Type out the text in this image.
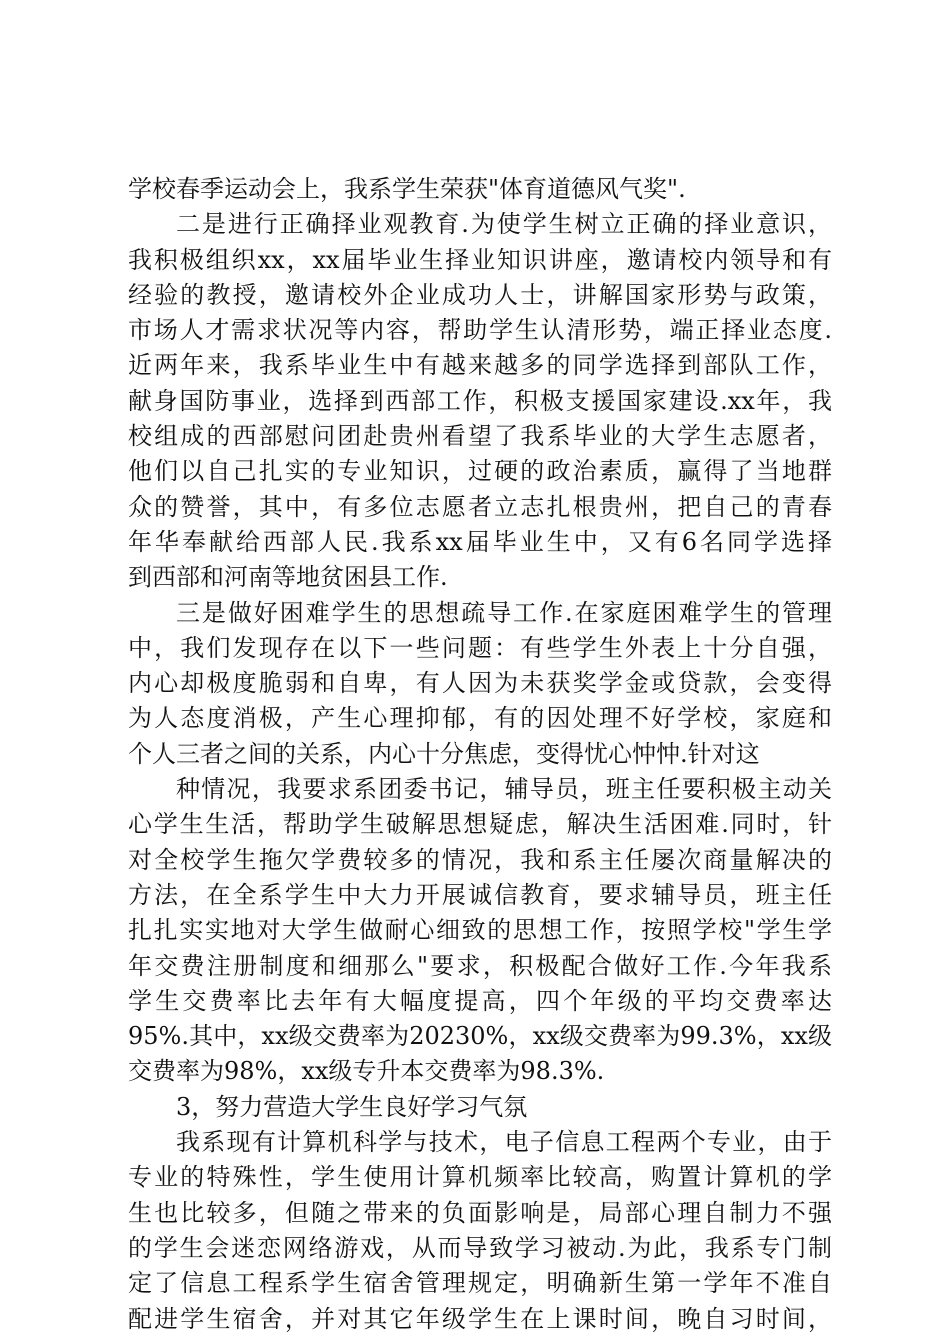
学校春季运动会上，我系学生荣获"体育道德风气奖".
二是进行正确择业观教育.为使学生树立正确的择业意识，
我积极组织xx，xx届毕业生择业知识讲座，邀请校内领导和有
经验的教授，邀请校外企业成功人士，讲解国家形势与政策，
市场人才需求状况等内容，帮助学生认清形势，端正择业态度.
近两年来，我系毕业生中有越来越多的同学选择到部队工作，
献身国防事业，选择到西部工作，积极支援国家建设.xx年，我
校组成的西部慰问团赴贵州看望了我系毕业的大学生志愿者，
他们以自己扎实的专业知识，过硬的政治素质，赢得了当地群
众的赞誉，其中，有多位志愿者立志扎根贵州，把自己的青春
年华奉献给西部人民.我系xx届毕业生中，又有6名同学选择
到西部和河南等地贫困县工作.
三是做好困难学生的思想疏导工作.在家庭困难学生的管理
中，我们发现存在以下一些问题：有些学生外表上十分自强，
内心却极度脆弱和自卑，有人因为未获奖学金或贷款，会变得
为人态度消极，产生心理抑郁，有的因处理不好学校，家庭和
个人三者之间的关系，内心十分焦虑，变得忧心忡忡.针对这
种情况，我要求系团委书记，辅导员，班主任要积极主动关
心学生生活，帮助学生破解思想疑虑，解决生活困难.同时，针
对全校学生拖欠学费较多的情况，我和系主任屡次商量解决的
方法，在全系学生中大力开展诚信教育，要求辅导员，班主任
扎扎实实地对大学生做耐心细致的思想工作，按照学校"学生学
年交费注册制度和细那么"要求，积极配合做好工作.今年我系
学生交费率比去年有大幅度提高，四个年级的平均交费率达
95%.其中，xx级交费率为20230%，xx级交费率为99.3%，xx级
交费率为98%，xx级专升本交费率为98.3%.
3，努力营造大学生良好学习气氛
我系现有计算机科学与技术，电子信息工程两个专业，由于
专业的特殊性，学生使用计算机频率比较高，购置计算机的学
生也比较多，但随之带来的负面影响是，局部心理自制力不强
的学生会迷恋网络游戏，从而导致学习被动.为此，我系专门制
定了信息工程系学生宿舍管理规定，明确新生第一学年不准自
配进学生宿舍，并对其它年级学生在上课时间，晚自习时间，
